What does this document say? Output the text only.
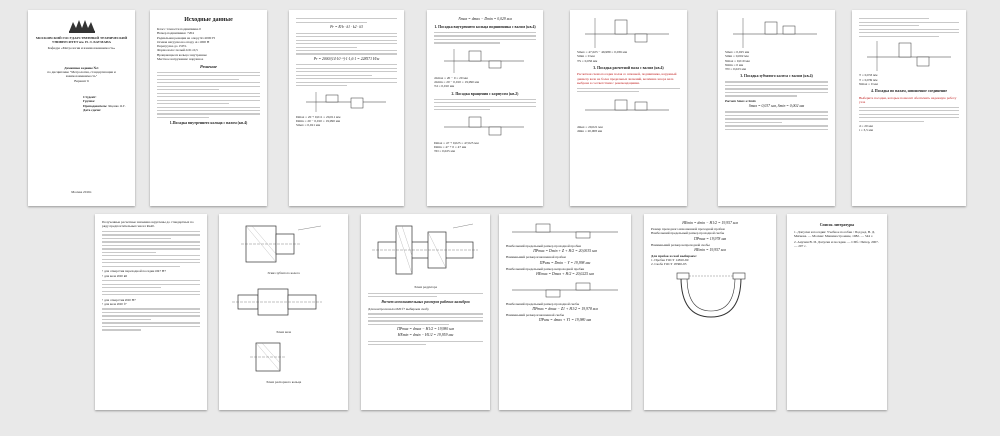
МОСКОВСКИЙ ГОСУДАРСТВЕННЫЙ ТЕХНИЧЕСКИЙ УНИВЕРСИТЕТ им. Н. Э. БАУМАНА

Кафедра «Метрология и взаимозаменяемость»

Домашнее задание №1

по дисциплине "Метрология, стандартизация и взаимозаменяемость"

Вариант 6

Студент:

Группа:

Преподаватель: Яценко О.Г.

Дата сдачи:

Москва 2016г.

Исходные данные

Класс точности подшипника 0

Номер подшипника: 7204

Радиальная реакция на опору R=2000 Н

Осевая нагрузка на опору A=1000 Н

Перегрузка до 150%

Форма вала: полый d/d1=0,5

Вращающееся кольцо: внутреннее

Местное нагружение: наружное

Решение
1.Посадка внутреннего кольца с валом (кв.4)

Pr = R/b · k1 · k2 · k3

Pr = 2000/(14·10⁻³)·1·1,6·1 = 228571 Н/м

Dmax = 20 + 0,011 = 20,011 мм

Dmin = 20 − 0,010 = 19,990 мм

Smax = 0,021 мм

Nmax = dmax − Dmin = 0,029 мм

1. Посадка внутреннего кольца подшипника с валом (кв.4)

d1max = 20 − 0 = 20 мм

d1min = 20 − 0,010 = 19,990 мм

Td = 0,010 мм

2. Посадка вращения с корпусом (кв.2)

Dmax = 47 + 0,025 = 47,025 мм

Dmin = 47 + 0 = 47 мм

TD = 0,025 мм

Smax = 47,025 − 46,989 = 0,036 мм

Smin = 0 мм

TS = 0,036 мм

3. Посадка расчетной вала с валом (кв.4)

Расчетная схема посадки полая со шпонкой, подшипника, наружный диаметр вала не более предельных значений, величина зазора вала выбрана в соответствии с рекомендациями.

dmax = 20,021 мм

dmin = 20,008 мм

Smax = 0,025 мм

Smin = 0,002 мм

Nmax = 0,019 мм

Nmin = 0 мм

TN = 0,023 мм

3. Посадка зубчатого колеса с валом (кв.4)

Расчет Smax и Smin

Smax = 0,037 мм, Smin = 0,002 мм

T = 0,033 мм

T = 0,039 мм

Nmax = 0 мм

4. Посадка по валам, шпоночное соединение

Выберите посадки, которые позволят обеспечить надежную работу узла

d = 20 мм

t = 3,5 мм

Полученные расчетные значения округлены до стандартных по ряду предпочтительных чисел Ra40.

• для отверстия переходной посадки Ø47 H7

• для вала Ø20 k6

• для отверстия Ø20 H7

• для вала Ø20 f7

Эскиз зубчатого колеса

Эскиз вала

Эскиз распорного кольца

Эскиз редуктора

Расчет исполнительных размеров рабочих калибров

Для контроля вала Ø20 f7 выбираем скобу

ПРmax = dmax − H1/2 = 19,980 мм

НЕmin = dmin − H1/2 = 19,959 мм

Наибольший предельный размер проходной пробки

ПРmax = Dmin + Z + H/2 = 20,0035 мм

Наименьший размер изношенной пробки

ПРизн = Dmin − Y = 19,998 мм

Наибольший предельный размер непроходной пробки

НЕmax = Dmax + H/2 = 20,0225 мм

Наибольший предельный размер проходной скобы

ПРmax = dmax − Z1 + H1/2 = 19,978 мм

Наименьший размер изношенной скобы

ПРизн = dmax + Y1 = 19,980 мм

НЕmin = dmin − H1/2 = 19,957 мм

Размер проходного изношенной проходной пробки

Наибольший предельный размер проходной скобы

ПРmax = 19,978 мм

Наименьший размер непроходной скобы

НЕmin = 19,957 мм

Для пробок и скоб выбираем:

1. Пробка ГОСТ 14810-69

2. Скоба ГОСТ 18360-93

Список литературы

1. Допуски и посадки: Учебное пособие / Под ред. В. Д. Мягкова. — Москва: Машиностроение, 1982. — 544 с.

2. Анухин В. И. Допуски и посадки. — СПб.: Питер, 2007. — 207 с.
